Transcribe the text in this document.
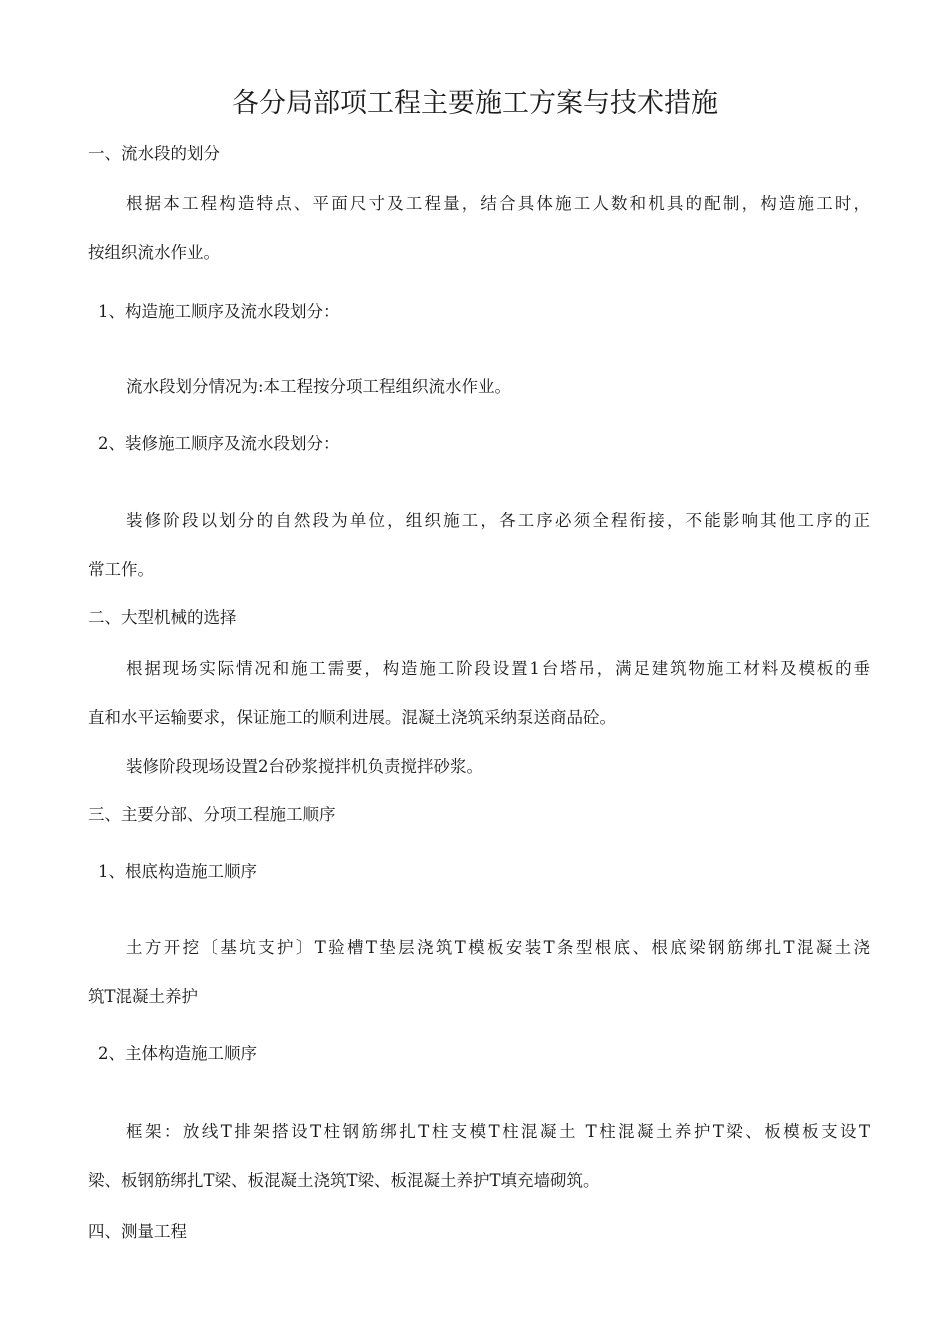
各分局部项工程主要施工方案与技术措施
一、流水段的划分
根据本工程构造特点、平面尺寸及工程量，结合具体施工人数和机具的配制，构造施工时，
按组织流水作业。
1、构造施工顺序及流水段划分：
流水段划分情况为:本工程按分项工程组织流水作业。
2、装修施工顺序及流水段划分：
装修阶段以划分的自然段为单位，组织施工，各工序必须全程衔接，不能影响其他工序的正
常工作。
二、大型机械的选择
根据现场实际情况和施工需要，构造施工阶段设置1台塔吊，满足建筑物施工材料及模板的垂
直和水平运输要求，保证施工的顺利进展。混凝土浇筑采纳泵送商品砼。
装修阶段现场设置2台砂浆搅拌机负责搅拌砂浆。
三、主要分部、分项工程施工顺序
1、根底构造施工顺序
土方开挖〔基坑支护〕T验槽T垫层浇筑T模板安装T条型根底、根底梁钢筋绑扎T混凝土浇
筑T混凝土养护
2、主体构造施工顺序
框架：放线T排架搭设T柱钢筋绑扎T柱支模T柱混凝土 T柱混凝土养护T梁、板模板支设T
梁、板钢筋绑扎T梁、板混凝土浇筑T梁、板混凝土养护T填充墙砌筑。
四、测量工程
